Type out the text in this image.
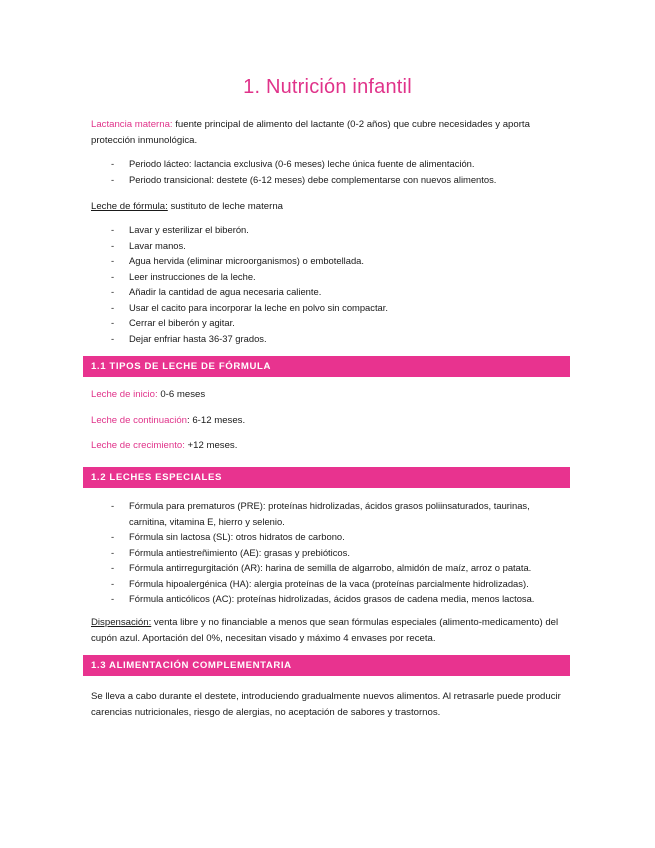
1. Nutrición infantil
Lactancia materna: fuente principal de alimento del lactante (0-2 años) que cubre necesidades y aporta protección inmunológica.
- Periodo lácteo: lactancia exclusiva (0-6 meses) leche única fuente de alimentación.
- Periodo transicional: destete (6-12 meses) debe complementarse con nuevos alimentos.
Leche de fórmula: sustituto de leche materna
- Lavar y esterilizar el biberón.
- Lavar manos.
- Agua hervida (eliminar microorganismos) o embotellada.
- Leer instrucciones de la leche.
- Añadir la cantidad de agua necesaria caliente.
- Usar el cacito para incorporar la leche en polvo sin compactar.
- Cerrar el biberón y agitar.
- Dejar enfriar hasta 36-37 grados.
1.1 TIPOS DE LECHE DE FÓRMULA
Leche de inicio: 0-6 meses
Leche de continuación: 6-12 meses.
Leche de crecimiento: +12 meses.
1.2 LECHES ESPECIALES
- Fórmula para prematuros (PRE): proteínas hidrolizadas, ácidos grasos poliinsaturados, taurinas, carnitina, vitamina E, hierro y selenio.
- Fórmula sin lactosa (SL): otros hidratos de carbono.
- Fórmula antiestreñimiento (AE): grasas y prebióticos.
- Fórmula antirregurgitación (AR): harina de semilla de algarrobo, almidón de maíz, arroz o patata.
- Fórmula hipoalergénica (HA): alergia proteínas de la vaca (proteínas parcialmente hidrolizadas).
- Fórmula anticólicos (AC): proteínas hidrolizadas, ácidos grasos de cadena media, menos lactosa.
Dispensación: venta libre y no financiable a menos que sean fórmulas especiales (alimento-medicamento) del cupón azul. Aportación del 0%, necesitan visado y máximo 4 envases por receta.
1.3 ALIMENTACIÓN COMPLEMENTARIA
Se lleva a cabo durante el destete, introduciendo gradualmente nuevos alimentos. Al retrasarle puede producir carencias nutricionales, riesgo de alergias, no aceptación de sabores y trastornos.
